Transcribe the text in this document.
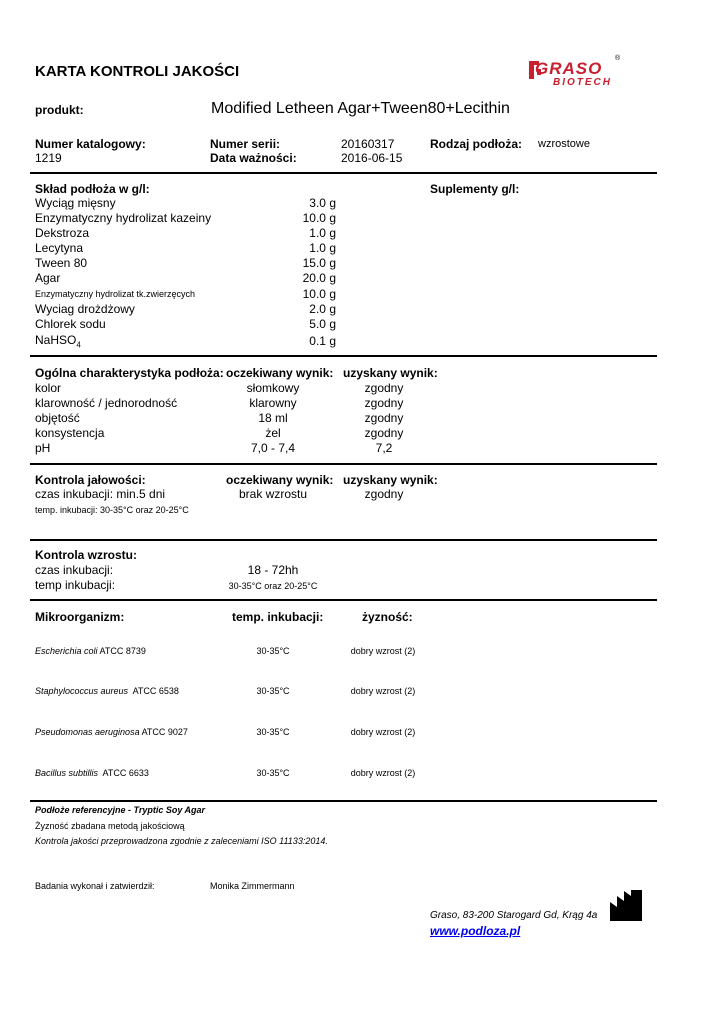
KARTA KONTROLI JAKOŚCI	GRASO
®
BIOTECH
produkt:	Modified Letheen Agar+Tween80+Lecithin
Numer katalogowy:
1219
Numer serii:	20160317
Data ważności:	2016-06-15
Rodzaj podłoża: wzrostowe
Skład podłoża w g/l:	Suplementy g/l:
Wyciąg mięsny	3.0 g
Enzymatyczny hydrolizat kazeiny	10.0 g
Dekstroza	1.0 g
Lecytyna	1.0 g
Tween 80	15.0 g
Agar	20.0 g
Enzymatyczny hydrolizat tk.zwierzęcych	10.0 g
Wyciag drożdżowy	2.0 g
Chlorek sodu	5.0 g
NaHSO$_4$	0.1 g
Ogólna charakterystyka podłoża: oczekiwany wynik: uzyskany wynik:
kolor	słomkowy	zgodny
klarowność / jednorodność	klarowny	zgodny
objętość	18 ml	zgodny
konsystencja	żel	zgodny
pH	7,0 - 7,4	7,2
Kontrola jałowości:	oczekiwany wynik: uzyskany wynik:
czas inkubacji: min.5 dni	brak wzrostu	zgodny
temp. inkubacji: 30-35°C oraz 20-25°C
Kontrola wzrostu:
czas inkubacji:	18 - 72hh
temp inkubacji:	30-35°C oraz 20-25°C
Mikroorganizm:	temp. inkubacji:	żyzność:
Escherichia coli ATCC 8739	30-35°C	dobry wzrost (2)
Staphylococcus aureus  ATCC 6538	30-35°C	dobry wzrost (2)
Pseudomonas aeruginosa ATCC 9027	30-35°C	dobry wzrost (2)
Bacillus subtillis  ATCC 6633	30-35°C	dobry wzrost (2)
Podłoże referencyjne - Tryptic Soy Agar
Żyzność zbadana metodą jakościową
Kontrola jakości przeprowadzona zgodnie z zaleceniami ISO 11133:2014.
Badania wykonał i zatwierdził:	Monika Zimmermann
Graso, 83-200 Starogard Gd, Krąg 4a
www.podloza.pl
